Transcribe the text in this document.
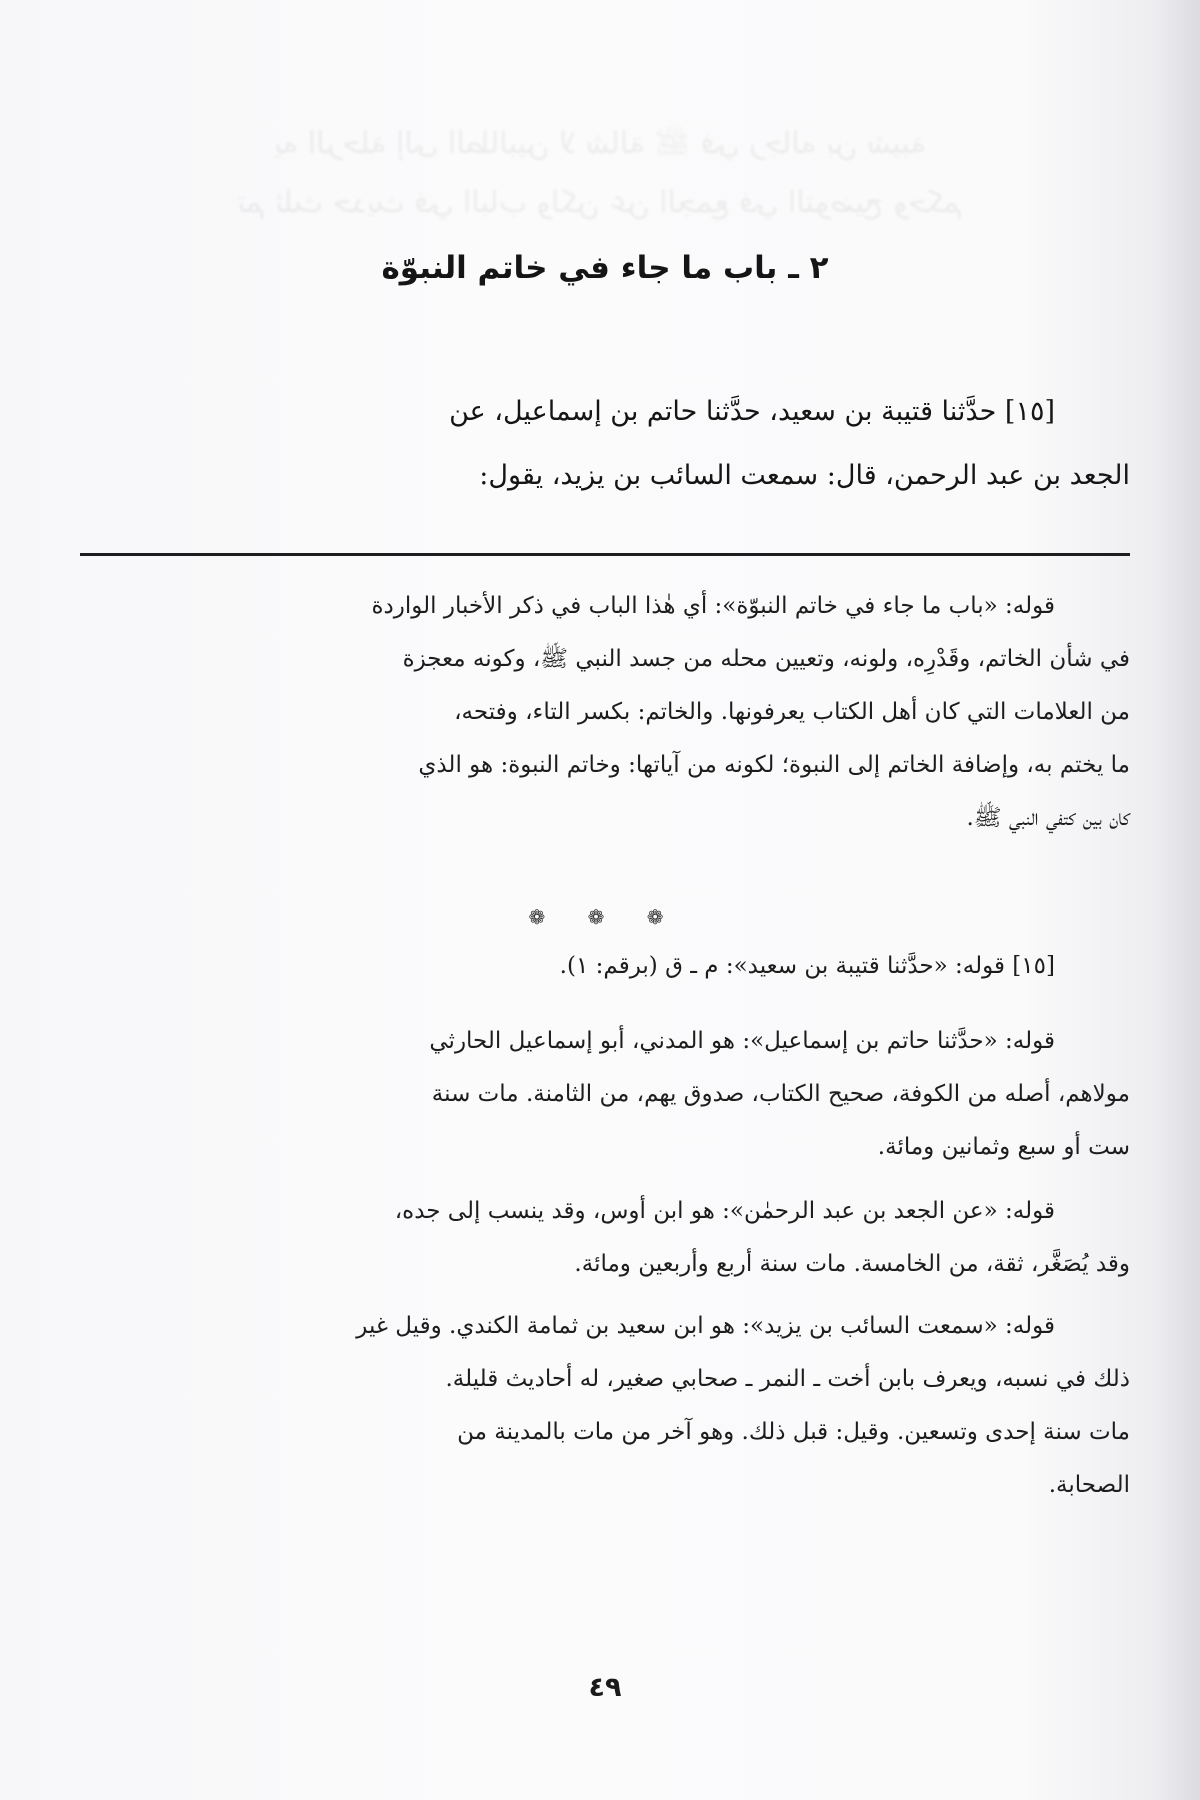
يه الرحلة إلى الطالبين لا شالة ﷺ في رجاله بن شيبة
تم ثلث حديث في الباب ولكن عن الجمع في التوضيح وحكم
٢ ـ باب ما جاء في خاتم النبوّة
[١٥] حدَّثنا قتيبة بن سعيد، حدَّثنا حاتم بن إسماعيل، عن
الجعد بن عبد الرحمن، قال: سمعت السائب بن يزيد، يقول:
قوله: «باب ما جاء في خاتم النبوّة»: أي هٰذا الباب في ذكر الأخبار الواردة
في شأن الخاتم، وقَدْرِه، ولونه، وتعيين محله من جسد النبي ﷺ، وكونه معجزة
من العلامات التي كان أهل الكتاب يعرفونها. والخاتم: بكسر التاء، وفتحه،
ما يختم به، وإضافة الخاتم إلى النبوة؛ لكونه من آياتها: وخاتم النبوة: هو الذي
كان بين كتفي النبي ﷺ.
❁ ❁ ❁
[١٥] قوله: «حدَّثنا قتيبة بن سعيد»: م ـ ق (برقم: ١).
قوله: «حدَّثنا حاتم بن إسماعيل»: هو المدني، أبو إسماعيل الحارثي
مولاهم، أصله من الكوفة، صحيح الكتاب، صدوق يهم، من الثامنة. مات سنة
ست أو سبع وثمانين ومائة.
قوله: «عن الجعد بن عبد الرحمٰن»: هو ابن أوس، وقد ينسب إلى جده،
وقد يُصَغَّر، ثقة، من الخامسة. مات سنة أربع وأربعين ومائة.
قوله: «سمعت السائب بن يزيد»: هو ابن سعيد بن ثمامة الكندي. وقيل غير
ذلك في نسبه، ويعرف بابن أخت ـ النمر ـ صحابي صغير، له أحاديث قليلة.
مات سنة إحدى وتسعين. وقيل: قبل ذلك. وهو آخر من مات بالمدينة من
الصحابة.
٤٩
